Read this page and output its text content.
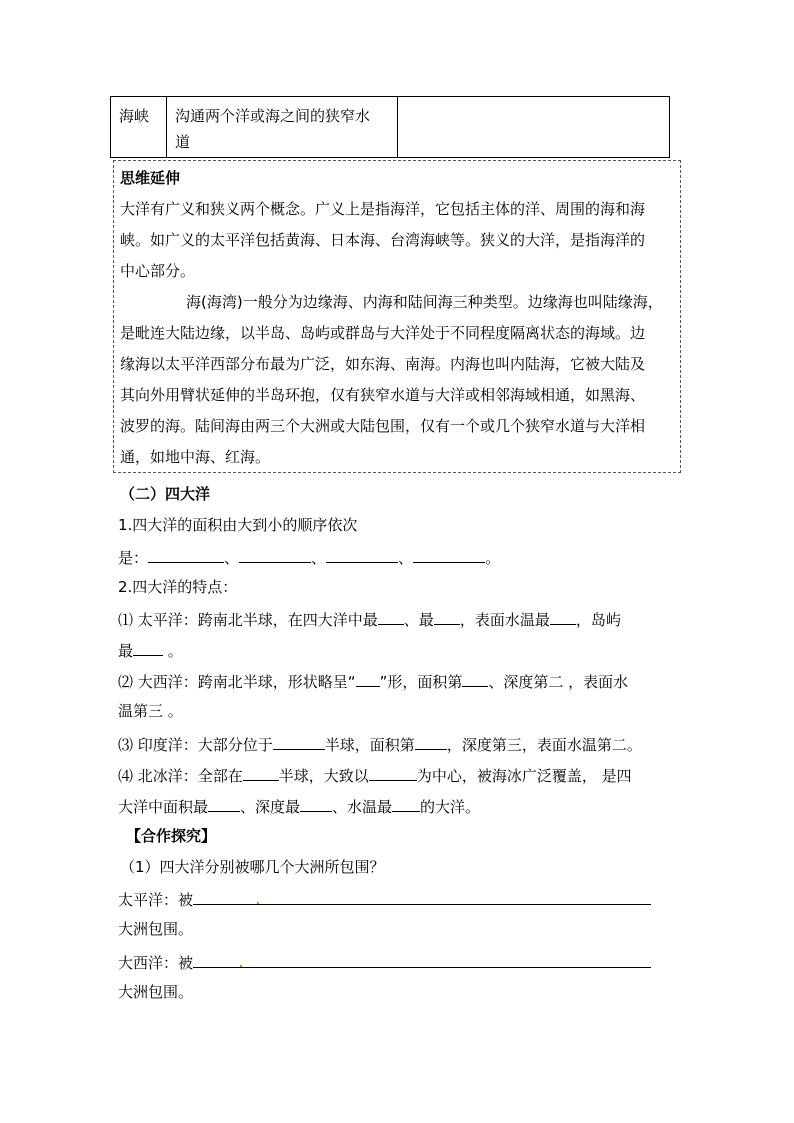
海峡 沟通两个洋或海之间的狭窄水
道
思维延伸
大洋有广义和狭义两个概念。广义上是指海洋，它包括主体的洋、周围的海和海
峡。如广义的太平洋包括黄海、日本海、台湾海峡等。狭义的大洋，是指海洋的
中心部分。
海(海湾)一般分为边缘海、内海和陆间海三种类型。边缘海也叫陆缘海，
是毗连大陆边缘，以半岛、岛屿或群岛与大洋处于不同程度隔离状态的海域。边
缘海以太平洋西部分布最为广泛，如东海、南海。内海也叫内陆海，它被大陆及
其向外用臂状延伸的半岛环抱，仅有狭窄水道与大洋或相邻海域相通，如黑海、
波罗的海。陆间海由两三个大洲或大陆包围，仅有一个或几个狭窄水道与大洋相
通，如地中海、红海。
（二）四大洋
1.四大洋的面积由大到小的顺序依次
是：	、	、	、	。
2.四大洋的特点：
⑴ 太平洋：跨南北半球，在四大洋中最 、最 ，表面水温最 ，岛屿
最 。
⑵ 大西洋：跨南北半球，形状略呈“ ”形，面积第 、深度第二 ，表面水
温第三 。
⑶ 印度洋：大部分位于	半球，面积第 ，深度第三，表面水温第二。
⑷ 北冰洋：全部在 半球，大致以	为中心，被海冰广泛覆盖， 是四
大洋中面积最 、深度最 、水温最 的大洋。
【合作探究】
（1）四大洋分别被哪几个大洲所包围？
太平洋：被
大洲包围。
大西洋：被
大洲包围。
